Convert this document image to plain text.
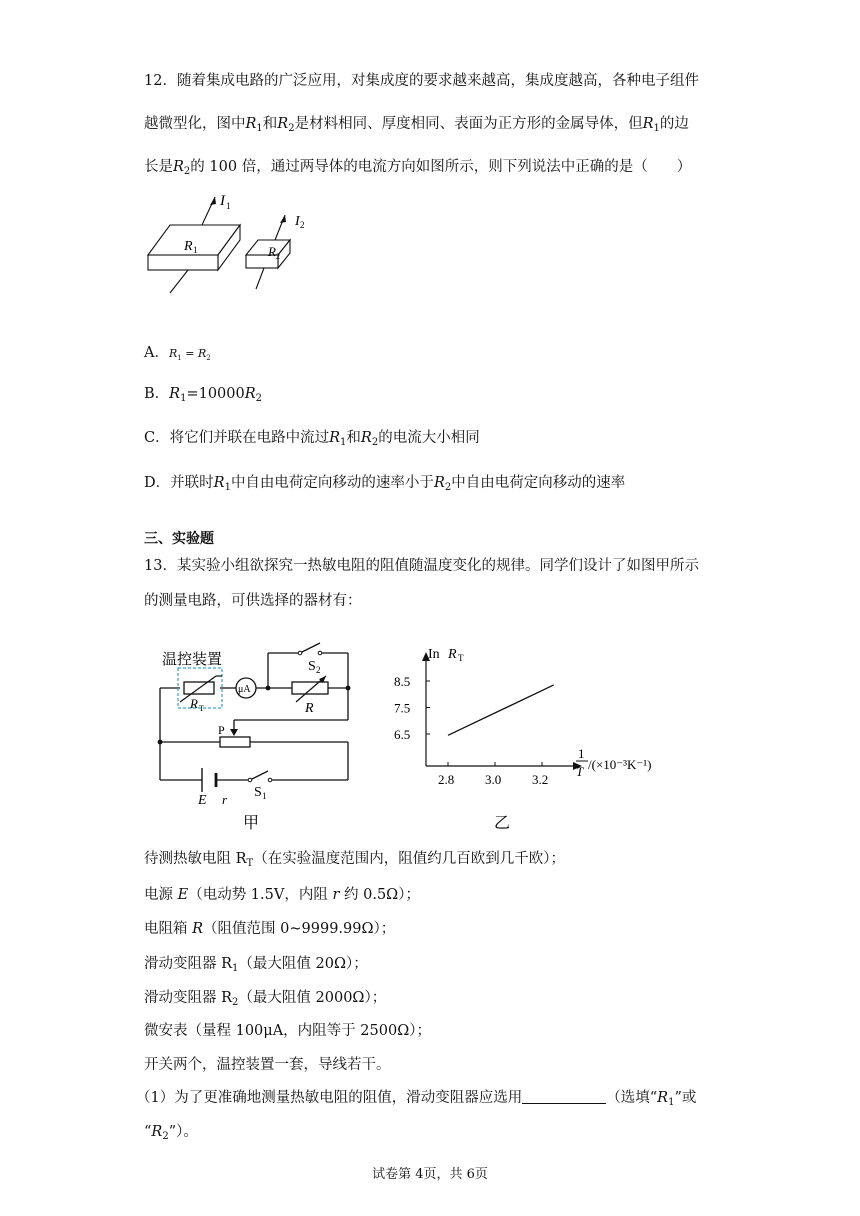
12．随着集成电路的广泛应用，对集成度的要求越来越高，集成度越高，各种电子组件
越微型化，图中$R_1$和$R_2$是材料相同、厚度相同、表面为正方形的金属导体，但$R_1$的边
长是$R_2$的 100 倍，通过两导体的电流方向如图所示，则下列说法中正确的是（　　）
I 1
R 1
I 2
R 2
A．$R_1 = R_2$
B．$R_1=10000R_2$
C．将它们并联在电路中流过$R_1$和$R_2$的电流大小相同
D．并联时$R_1$中自由电荷定向移动的速率小于$R_2$中自由电荷定向移动的速率
三、实验题
13．某实验小组欲探究一热敏电阻的阻值随温度变化的规律。同学们设计了如图甲所示
的测量电路，可供选择的器材有：
μA
温控装置
R T	R
S 2
P
S 1
E r
甲
2.8 3.0 3.2
6.5
7.5
8.5
In R T
1
T /(×10⁻³K⁻¹)
乙
待测热敏电阻 $R_T$（在实验温度范围内，阻值约几百欧到几千欧）；
电源 E（电动势 1.5V，内阻 r 约 0.5Ω）；
电阻箱 R（阻值范围 0~9999.99Ω）；
滑动变阻器 $R_1$（最大阻值 20Ω）；
滑动变阻器 $R_2$（最大阻值 2000Ω）；
微安表（量程 100μA，内阻等于 2500Ω）；
开关两个，温控装置一套，导线若干。
（1）为了更准确地测量热敏电阻的阻值，滑动变阻器应选用	（选填“$R_1$”或
“$R_2$”）。
试卷第 4页，共 6页
